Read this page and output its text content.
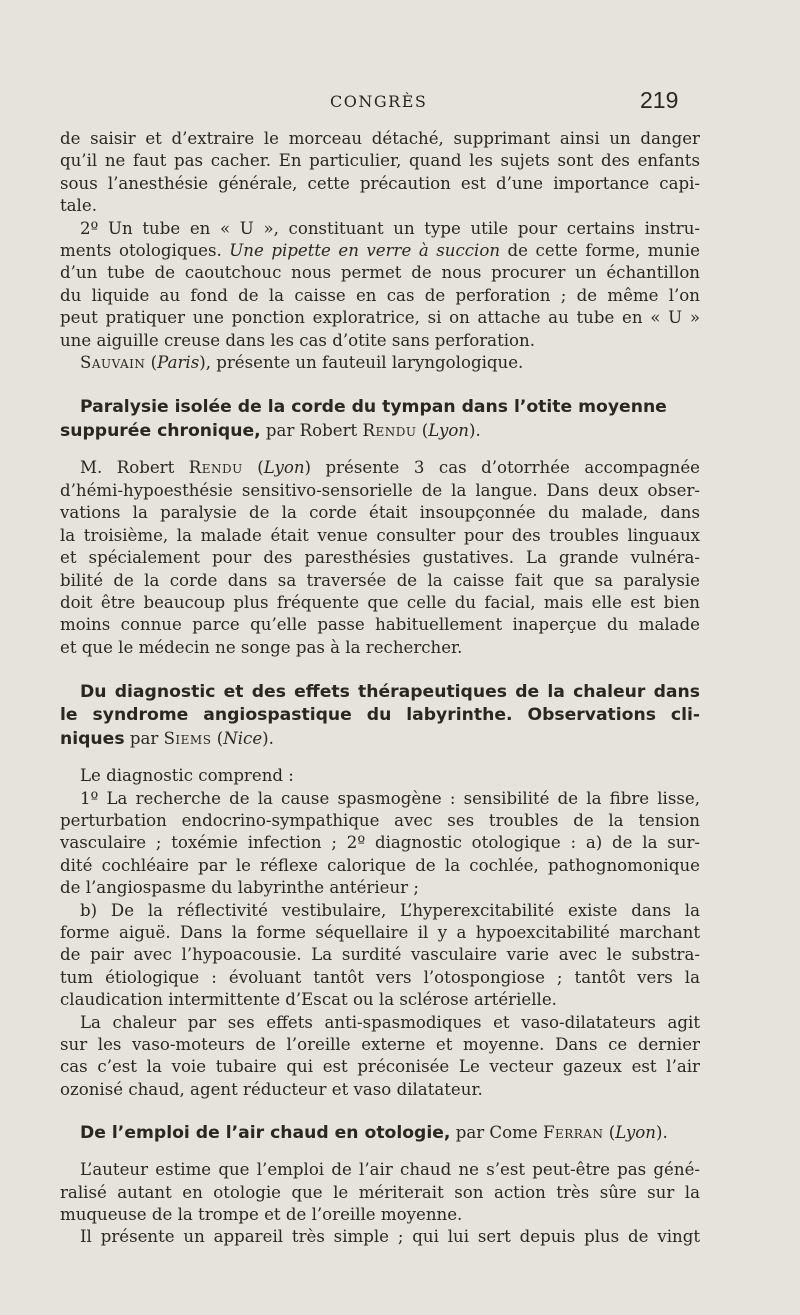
CONGRÈS	219

de saisir et d’extraire le morceau détaché, supprimant ainsi un danger

qu’il ne faut pas cacher. En particulier, quand les sujets sont des enfants

sous l’anesthésie générale, cette précaution est d’une importance capi-

tale.

2º Un tube en « U », constituant un type utile pour certains instru-

ments otologiques. Une pipette en verre à succion de cette forme, munie

d’un tube de caoutchouc nous permet de nous procurer un échantillon

du liquide au fond de la caisse en cas de perforation ; de même l’on

peut pratiquer une ponction exploratrice, si on attache au tube en « U »

une aiguille creuse dans les cas d’otite sans perforation.

Sauvain (Paris), présente un fauteuil laryngologique.

Paralysie isolée de la corde du tympan dans l’otite moyenne
suppurée chronique, par Robert Rendu (Lyon).

M. Robert Rendu (Lyon) présente 3 cas d’otorrhée accompagnée

d’hémi-hypoesthésie sensitivo-sensorielle de la langue. Dans deux obser-

vations la paralysie de la corde était insoupçonnée du malade, dans

la troisième, la malade était venue consulter pour des troubles linguaux

et spécialement pour des paresthésies gustatives. La grande vulnéra-

bilité de la corde dans sa traversée de la caisse fait que sa paralysie

doit être beaucoup plus fréquente que celle du facial, mais elle est bien

moins connue parce qu’elle passe habituellement inaperçue du malade

et que le médecin ne songe pas à la rechercher.

Du diagnostic et des effets thérapeutiques de la chaleur dans
le syndrome angiospastique du labyrinthe. Observations cli-
niques par Siems (Nice).

Le diagnostic comprend :

1º La recherche de la cause spasmogène : sensibilité de la fibre lisse,

perturbation endocrino-sympathique avec ses troubles de la tension

vasculaire ; toxémie infection ; 2º diagnostic otologique : a) de la sur-

dité cochléaire par le réflexe calorique de la cochlée, pathognomonique

de l’angiospasme du labyrinthe antérieur ;

b) De la réflectivité vestibulaire, L’hyperexcitabilité existe dans la

forme aiguë. Dans la forme séquellaire il y a hypoexcitabilité marchant

de pair avec l’hypoacousie. La surdité vasculaire varie avec le substra-

tum étiologique : évoluant tantôt vers l’otospongiose ; tantôt vers la

claudication intermittente d’Escat ou la sclérose artérielle.

La chaleur par ses effets anti-spasmodiques et vaso-dilatateurs agit

sur les vaso-moteurs de l’oreille externe et moyenne. Dans ce dernier

cas c’est la voie tubaire qui est préconisée Le vecteur gazeux est l’air

ozonisé chaud, agent réducteur et vaso dilatateur.

De l’emploi de l’air chaud en otologie, par Come Ferran (Lyon).

L’auteur estime que l’emploi de l’air chaud ne s’est peut-être pas géné-

ralisé autant en otologie que le mériterait son action très sûre sur la

muqueuse de la trompe et de l’oreille moyenne.

Il présente un appareil très simple ; qui lui sert depuis plus de vingt
